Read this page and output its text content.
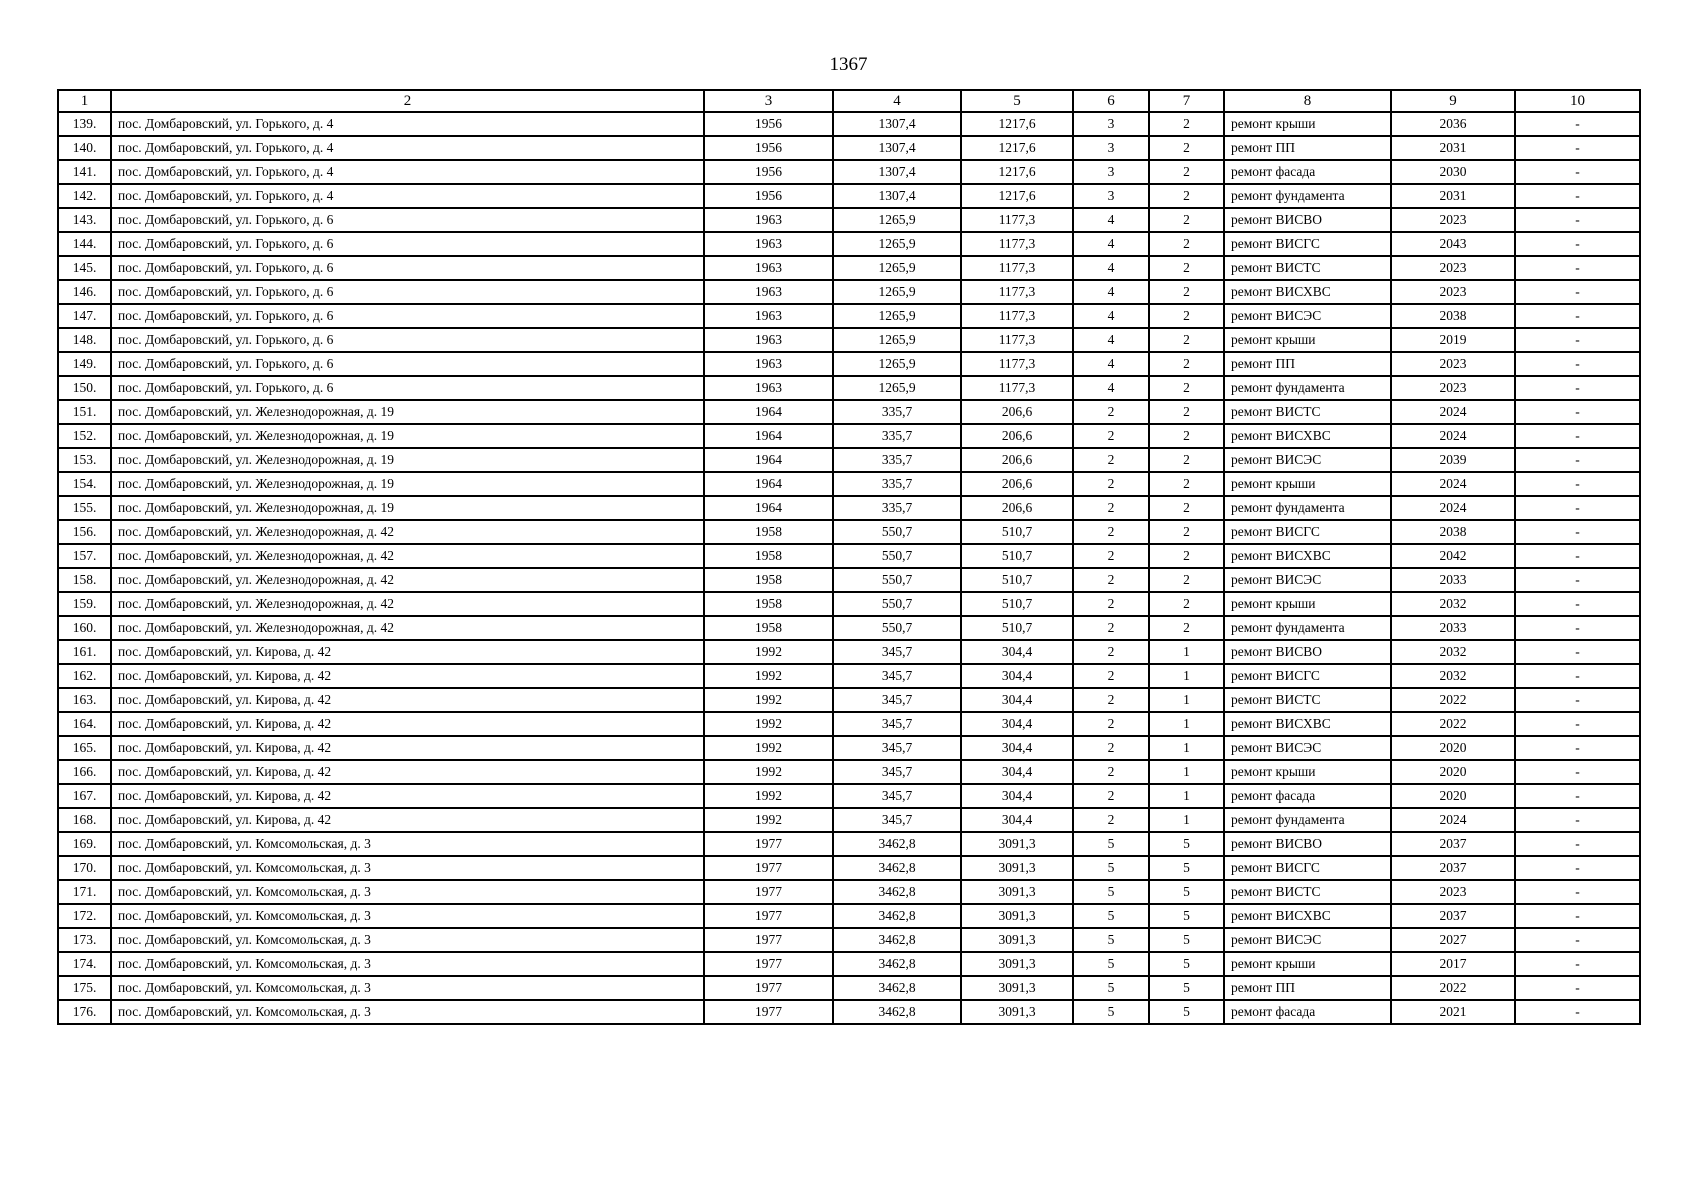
1367
1	2	3	4	5	6	7	8	9	10
139.	пос. Домбаровский, ул. Горького, д. 4	1956	1307,4	1217,6	3	2	ремонт крыши	2036	-
140.	пос. Домбаровский, ул. Горького, д. 4	1956	1307,4	1217,6	3	2	ремонт ПП	2031	-
141.	пос. Домбаровский, ул. Горького, д. 4	1956	1307,4	1217,6	3	2	ремонт фасада	2030	-
142.	пос. Домбаровский, ул. Горького, д. 4	1956	1307,4	1217,6	3	2	ремонт фундамента	2031	-
143.	пос. Домбаровский, ул. Горького, д. 6	1963	1265,9	1177,3	4	2	ремонт ВИСВО	2023	-
144.	пос. Домбаровский, ул. Горького, д. 6	1963	1265,9	1177,3	4	2	ремонт ВИСГС	2043	-
145.	пос. Домбаровский, ул. Горького, д. 6	1963	1265,9	1177,3	4	2	ремонт ВИСТС	2023	-
146.	пос. Домбаровский, ул. Горького, д. 6	1963	1265,9	1177,3	4	2	ремонт ВИСХВС	2023	-
147.	пос. Домбаровский, ул. Горького, д. 6	1963	1265,9	1177,3	4	2	ремонт ВИСЭС	2038	-
148.	пос. Домбаровский, ул. Горького, д. 6	1963	1265,9	1177,3	4	2	ремонт крыши	2019	-
149.	пос. Домбаровский, ул. Горького, д. 6	1963	1265,9	1177,3	4	2	ремонт ПП	2023	-
150.	пос. Домбаровский, ул. Горького, д. 6	1963	1265,9	1177,3	4	2	ремонт фундамента	2023	-
151.	пос. Домбаровский, ул. Железнодорожная, д. 19	1964	335,7	206,6	2	2	ремонт ВИСТС	2024	-
152.	пос. Домбаровский, ул. Железнодорожная, д. 19	1964	335,7	206,6	2	2	ремонт ВИСХВС	2024	-
153.	пос. Домбаровский, ул. Железнодорожная, д. 19	1964	335,7	206,6	2	2	ремонт ВИСЭС	2039	-
154.	пос. Домбаровский, ул. Железнодорожная, д. 19	1964	335,7	206,6	2	2	ремонт крыши	2024	-
155.	пос. Домбаровский, ул. Железнодорожная, д. 19	1964	335,7	206,6	2	2	ремонт фундамента	2024	-
156.	пос. Домбаровский, ул. Железнодорожная, д. 42	1958	550,7	510,7	2	2	ремонт ВИСГС	2038	-
157.	пос. Домбаровский, ул. Железнодорожная, д. 42	1958	550,7	510,7	2	2	ремонт ВИСХВС	2042	-
158.	пос. Домбаровский, ул. Железнодорожная, д. 42	1958	550,7	510,7	2	2	ремонт ВИСЭС	2033	-
159.	пос. Домбаровский, ул. Железнодорожная, д. 42	1958	550,7	510,7	2	2	ремонт крыши	2032	-
160.	пос. Домбаровский, ул. Железнодорожная, д. 42	1958	550,7	510,7	2	2	ремонт фундамента	2033	-
161.	пос. Домбаровский, ул. Кирова, д. 42	1992	345,7	304,4	2	1	ремонт ВИСВО	2032	-
162.	пос. Домбаровский, ул. Кирова, д. 42	1992	345,7	304,4	2	1	ремонт ВИСГС	2032	-
163.	пос. Домбаровский, ул. Кирова, д. 42	1992	345,7	304,4	2	1	ремонт ВИСТС	2022	-
164.	пос. Домбаровский, ул. Кирова, д. 42	1992	345,7	304,4	2	1	ремонт ВИСХВС	2022	-
165.	пос. Домбаровский, ул. Кирова, д. 42	1992	345,7	304,4	2	1	ремонт ВИСЭС	2020	-
166.	пос. Домбаровский, ул. Кирова, д. 42	1992	345,7	304,4	2	1	ремонт крыши	2020	-
167.	пос. Домбаровский, ул. Кирова, д. 42	1992	345,7	304,4	2	1	ремонт фасада	2020	-
168.	пос. Домбаровский, ул. Кирова, д. 42	1992	345,7	304,4	2	1	ремонт фундамента	2024	-
169.	пос. Домбаровский, ул. Комсомольская, д. 3	1977	3462,8	3091,3	5	5	ремонт ВИСВО	2037	-
170.	пос. Домбаровский, ул. Комсомольская, д. 3	1977	3462,8	3091,3	5	5	ремонт ВИСГС	2037	-
171.	пос. Домбаровский, ул. Комсомольская, д. 3	1977	3462,8	3091,3	5	5	ремонт ВИСТС	2023	-
172.	пос. Домбаровский, ул. Комсомольская, д. 3	1977	3462,8	3091,3	5	5	ремонт ВИСХВС	2037	-
173.	пос. Домбаровский, ул. Комсомольская, д. 3	1977	3462,8	3091,3	5	5	ремонт ВИСЭС	2027	-
174.	пос. Домбаровский, ул. Комсомольская, д. 3	1977	3462,8	3091,3	5	5	ремонт крыши	2017	-
175.	пос. Домбаровский, ул. Комсомольская, д. 3	1977	3462,8	3091,3	5	5	ремонт ПП	2022	-
176.	пос. Домбаровский, ул. Комсомольская, д. 3	1977	3462,8	3091,3	5	5	ремонт фасада	2021	-
